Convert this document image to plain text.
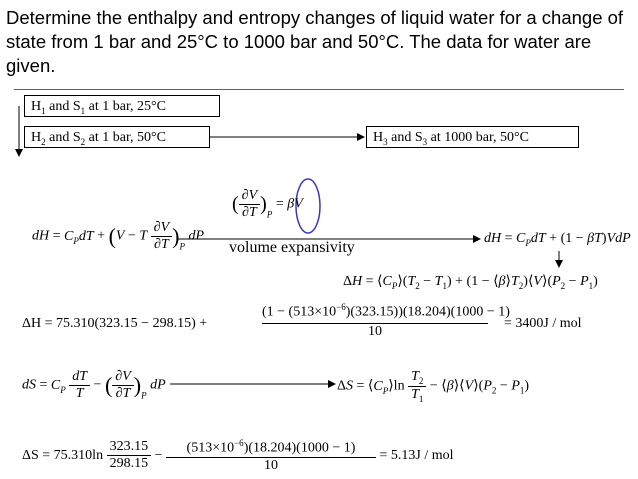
Determine the enthalpy and entropy changes of liquid water for a change of state from 1 bar and 25°C to 1000 bar and 50°C. The data for water are given.
$H_1$ and $S_1$ at 1 bar, 25°C
$H_2$ and $S_2$ at 1 bar, 50°C	$H_3$ and $S_3$ at 1000 bar, 50°C
dH = $C_PdT + (V - T \frac{\partial V}{\partial T} )_P$ dP
( $\frac{\partial V}{\partial T} )_P = \beta V$
volume expansivity
dH = $C_PdT + (1 - \beta T)VdP$
$\Delta H = ⟨C_P⟩(T_2 - T_1) + (1$ − $⟨\beta⟩T_2)⟨V⟩(P_2 - P_1)$
ΔH = 75.310(323.15 − 298.15) +	$\frac{(1 - (513\times 10^{-6})(323.15))(18.204)(1000 - 1)}{10} = 3400J$ / mol
dS = $C_P \frac{dT}{T}$ − ( $\frac{\partial V}{\partial T} )_P$ dP	$\Delta S = ⟨C_P⟩\ln \frac{T_2}{T_1}$ − $⟨\beta⟩⟨V⟩(P_2 - P_1)$
$\Delta S = 75.310\ln \frac{323.15}{298.15} - \frac{(513\times 10^{-6})(18.204)(1000 - 1)}{10} = 5.13J$ / mol
